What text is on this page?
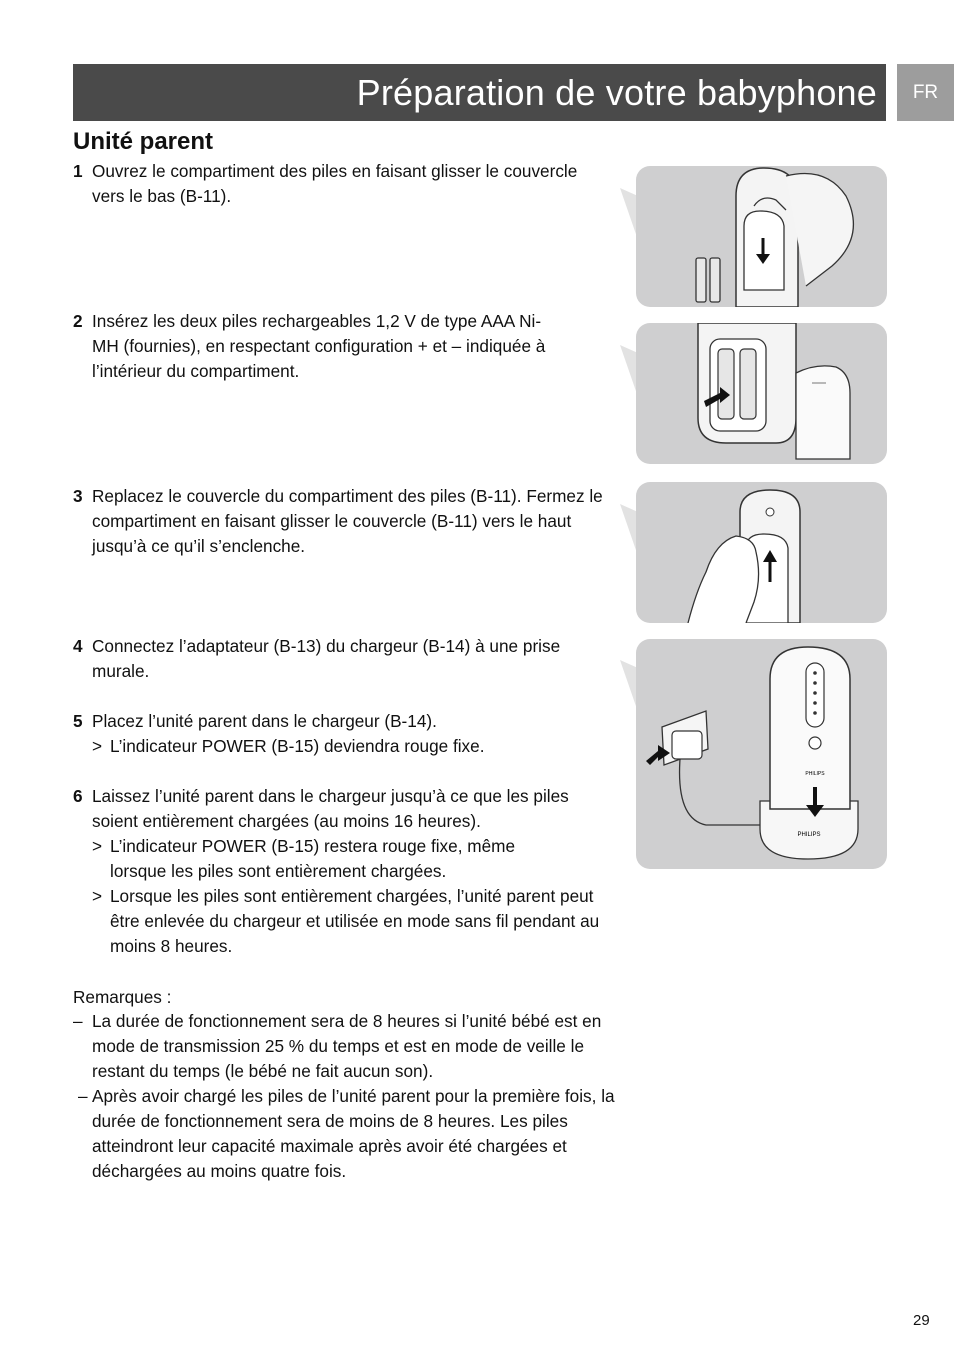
Préparation de votre babyphone	FR
Unité parent
1 Ouvrez le compartiment des piles en faisant glisser le couvercle vers le bas (B-11).
2 Insérez les deux piles rechargeables 1,2 V de type AAA Ni-MH (fournies), en respectant configuration + et – indiquée à l’intérieur du compartiment.
3 Replacez le couvercle du compartiment des piles (B-11). Fermez le compartiment en faisant glisser le couvercle (B-11) vers le haut jusqu’à ce qu’il s’enclenche.
4 Connectez l’adaptateur (B-13) du chargeur (B-14) à une prise murale.
5 Placez l’unité parent dans le chargeur (B-14).
> L’indicateur POWER (B-15) deviendra rouge fixe.
6 Laissez l’unité parent dans le chargeur jusqu’à ce que les piles soient entièrement chargées (au moins 16 heures).
> L’indicateur POWER (B-15) restera rouge fixe, même lorsque les piles sont entièrement chargées.
> Lorsque les piles sont entièrement chargées, l’unité parent peut être enlevée du chargeur et utilisée en mode sans fil pendant au moins 8 heures.
Remarques :
– La durée de fonctionnement sera de 8 heures si l’unité bébé est en mode de transmission 25 % du temps et est en mode de veille le restant du temps (le bébé ne fait aucun son).
– Après avoir chargé les piles de l’unité parent pour la première fois, la durée de fonctionnement sera de moins de 8 heures. Les piles atteindront leur capacité maximale après avoir été chargées et déchargées au moins quatre fois.
PHILIPS
PHILIPS
29
